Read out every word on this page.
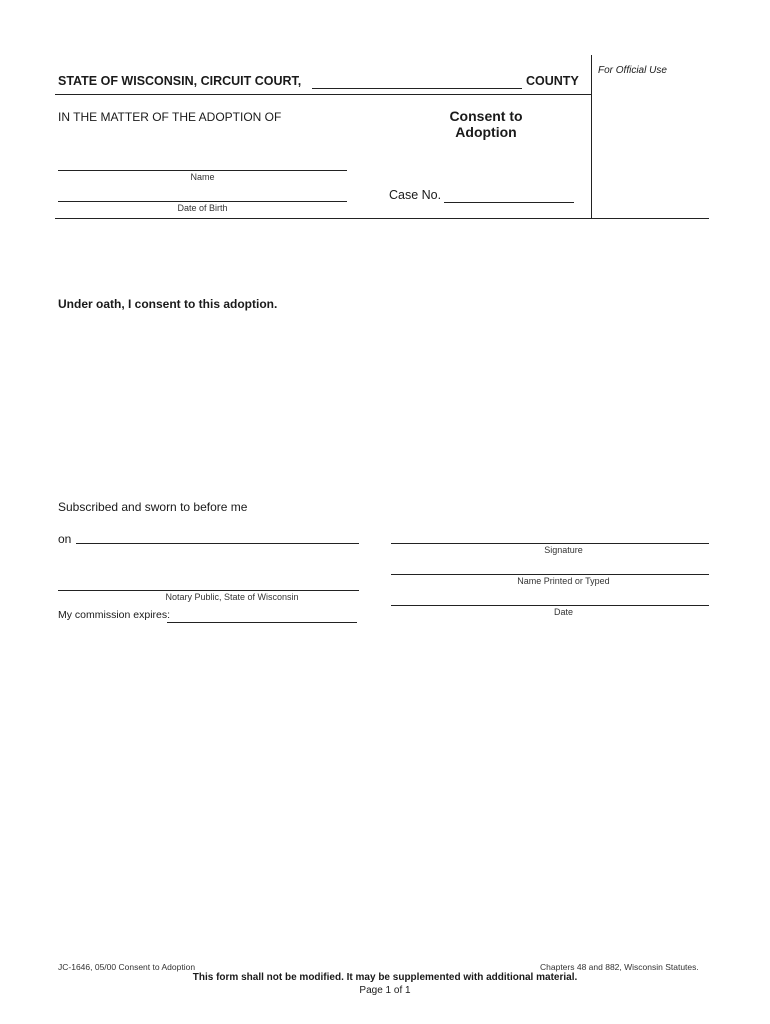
For Official Use
STATE OF WISCONSIN, CIRCUIT COURT,	COUNTY
IN THE MATTER OF THE ADOPTION OF	Consent to
Adoption
Name
Date of Birth
Case No.
Under oath, I consent to this adoption.
Subscribed and sworn to before me
on
Notary Public, State of Wisconsin
My commission expires:
Signature
Name Printed or Typed
Date
JC-1646, 05/00 Consent to Adoption	Chapters 48 and 882, Wisconsin Statutes.
This form shall not be modified. It may be supplemented with additional material.
Page 1 of 1
